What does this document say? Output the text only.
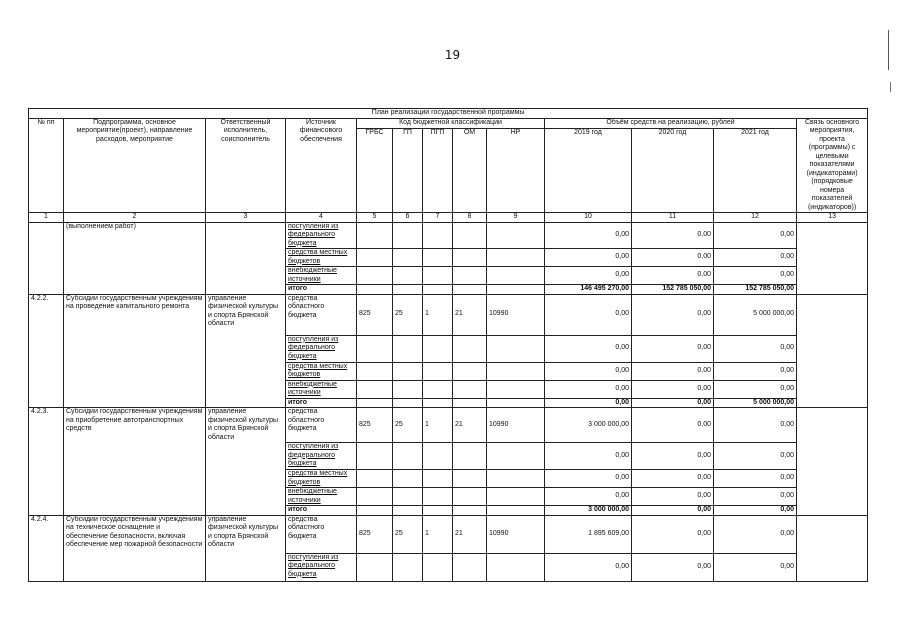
19
План реализации государственной программы												
№ пп	Подпрограмма, основное мероприятие(проект), направление расходов, мероприятие	Ответственный исполнитель, соисполнитель	Источник финансового обеспечения	Код бюджетной классификации					Объём средств на реализацию, рублей			Связь основного мероприятия, проекта (программы) с целевыми показателями (индикаторами) (порядковые номера показателей (индикаторов))
				ГРБС	ГП	ПГП	ОМ	НР	2019 год	2020 год	2021 год	
1	2	3	4	5	6	7	8	9	10	11	12	13
	(выполнением работ)		поступления из федерального бюджета						0,00	0,00	0,00	
			средства местных бюджетов						0,00	0,00	0,00	
			внебюджетные источники						0,00	0,00	0,00	
			итого						146 495 270,00	152 785 050,00	152 785 050,00	
4.2.2.	Субсидии государственным учреждениям на проведение капитального ремонта	управление физической культуры и спорта Брянской области	средства областного бюджета	825	25	1	21	10990	0,00	0,00	5 000 000,00	
			поступления из федерального бюджета						0,00	0,00	0,00	
			средства местных бюджетов						0,00	0,00	0,00	
			внебюджетные источники						0,00	0,00	0,00	
			итого						0,00	0,00	5 000 000,00	
4.2.3.	Субсидии государственным учреждениям на приобретение автотранспортных средств	управление физической культуры и спорта Брянской области	средства областного бюджета	825	25	1	21	10990	3 000 000,00	0,00	0,00	
			поступления из федерального бюджета						0,00	0,00	0,00	
			средства местных бюджетов						0,00	0,00	0,00	
			внебюджетные источники						0,00	0,00	0,00	
			итого						3 000 000,00	0,00	0,00	
4.2.4.	Субсидии государственным учреждениям на техническое оснащение и обеспечение безопасности, включая обеспечение мер пожарной безопасности	управление физической культуры и спорта Брянской области	средства областного бюджета	825	25	1	21	10990	1 895 609,00	0,00	0,00	
			поступления из федерального бюджета						0,00	0,00	0,00	
